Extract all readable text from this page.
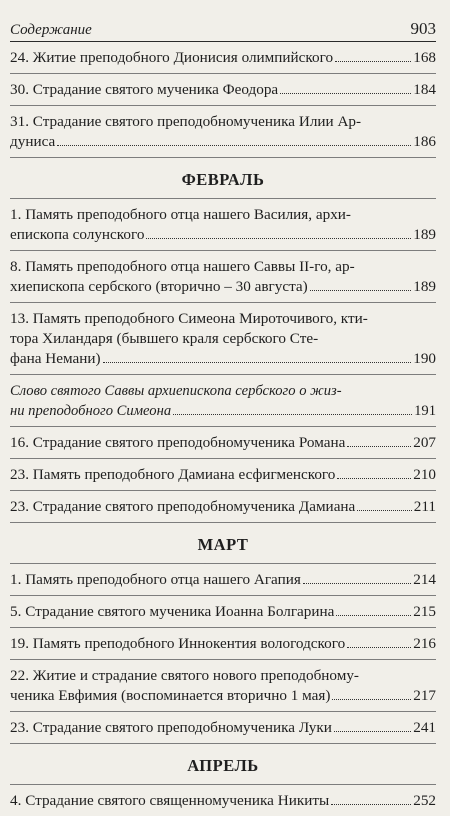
Содержание	903
24. Житие преподобного Дионисия олимпийского	168
30. Страдание святого мученика Феодора	184
31. Страдание святого преподобномученика Илии Ар-
дуниса	186
ФЕВРАЛЬ
1. Память преподобного отца нашего Василия, архи-
епископа солунского	189
8. Память преподобного отца нашего Саввы II-го, ар-
хиепископа сербского (вторично – 30 августа)	189
13. Память преподобного Симеона Мироточивого, кти-
тора Хиландаря (бывшего краля сербского Сте-
фана Немани)	190
Слово святого Саввы архиепископа сербского о жиз-
ни преподобного Симеона	191
16. Страдание святого преподобномученика Романа	207
23. Память преподобного Дамиана есфигменского	210
23. Страдание святого преподобномученика Дамиана	211
МАРТ
1. Память преподобного отца нашего Агапия	214
5. Страдание святого мученика Иоанна Болгарина	215
19. Память преподобного Иннокентия вологодского	216
22. Житие и страдание святого нового преподобному-
ченика Евфимия (воспоминается вторично 1 мая)	217
23. Страдание святого преподобномученика Луки	241
АПРЕЛЬ
4. Страдание святого священномученика Никиты	252
